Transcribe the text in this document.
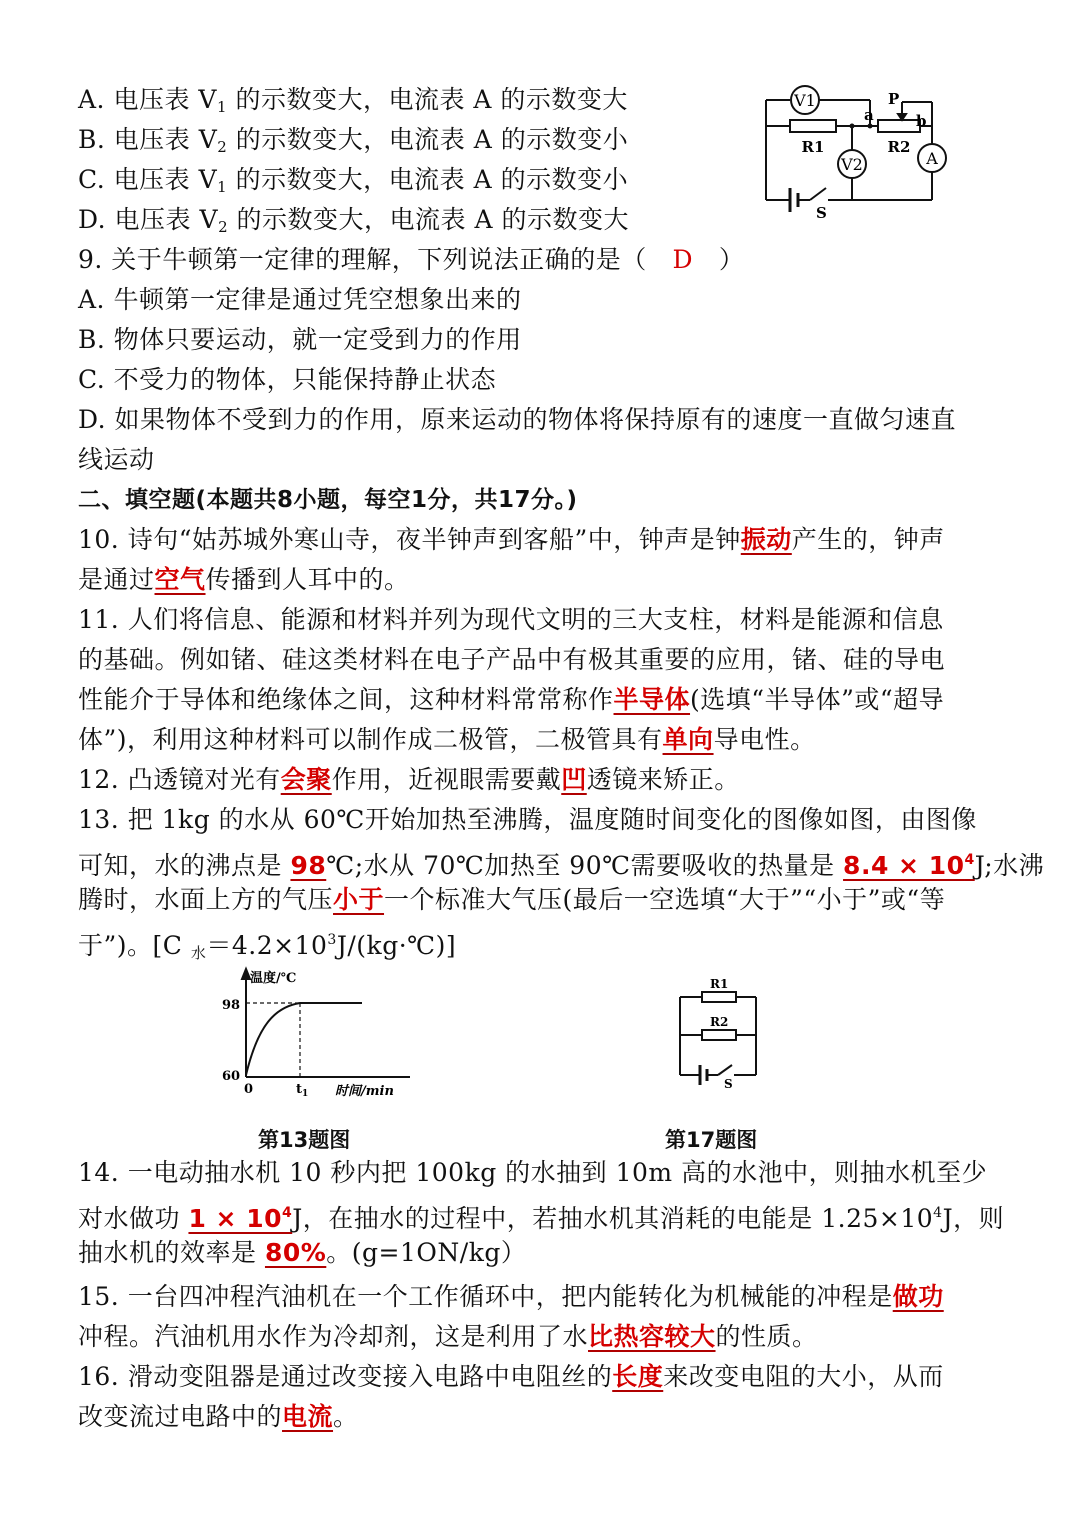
A. 电压表 $V_1$ 的示数变大，电流表 A 的示数变大
B. 电压表 $V_2$ 的示数变大，电流表 A 的示数变小
C. 电压表 $V_1$ 的示数变大，电流表 A 的示数变小
D. 电压表 $V_2$ 的示数变大，电流表 A 的示数变大
V1
V2	A
R1	R2
a	b
P
S
9. 关于牛顿第一定律的理解，下列说法正确的是（ D ）
A. 牛顿第一定律是通过凭空想象出来的
B. 物体只要运动，就一定受到力的作用
C. 不受力的物体，只能保持静止状态
D. 如果物体不受到力的作用，原来运动的物体将保持原有的速度一直做匀速直
线运动
二、填空题(本题共8小题，每空1分，共17分。)
10. 诗句“姑苏城外寒山寺，夜半钟声到客船”中，钟声是钟振动产生的，钟声
是通过空气传播到人耳中的。
11. 人们将信息、能源和材料并列为现代文明的三大支柱，材料是能源和信息
的基础。例如锗、硅这类材料在电子产品中有极其重要的应用，锗、硅的导电
性能介于导体和绝缘体之间，这种材料常常称作半导体(选填“半导体”或“超导
体”)，利用这种材料可以制作成二极管，二极管具有单向导电性。
12. 凸透镜对光有会聚作用，近视眼需要戴凹透镜来矫正。
13. 把 1kg 的水从 60℃开始加热至沸腾，温度随时间变化的图像如图，由图像
可知，水的沸点是 98℃;水从 70℃加热至 90℃需要吸收的热量是 $8.4 \times 10^4J$;水沸
腾时，水面上方的气压小于一个标准大气压(最后一空选填“大于”“小于”或“等
于”)。[C $_水=4.2\times 10^3J/(kg\cdot℃)$]
温度/℃
98
60
0	$t_1$ 时间/min
第13题图
R1
R2
S
第17题图
14. 一电动抽水机 10 秒内把 100kg 的水抽到 10m 高的水池中，则抽水机至少
对水做功 $1 \times 10^4J$，在抽水的过程中，若抽水机其消耗的电能是 $1.25\times 10^4J$，则
抽水机的效率是 80%。(g=1ON/kg）
15. 一台四冲程汽油机在一个工作循环中，把内能转化为机械能的冲程是做功
冲程。汽油机用水作为冷却剂，这是利用了水比热容较大的性质。
16. 滑动变阻器是通过改变接入电路中电阻丝的长度来改变电阻的大小，从而
改变流过电路中的电流。
